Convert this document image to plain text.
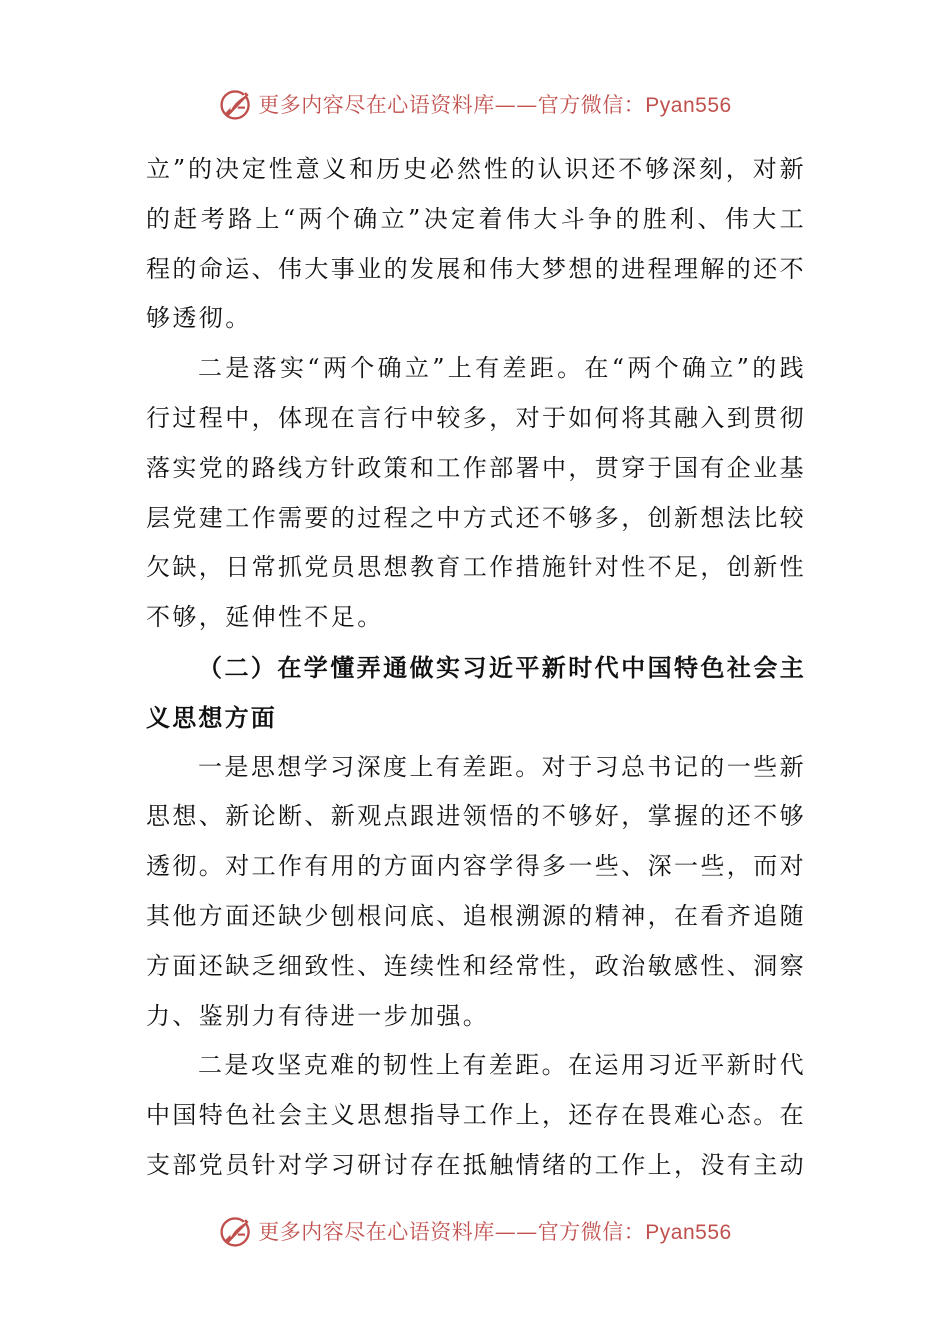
更多内容尽在心语资料库——官方微信：Pyan556

立”的决定性意义和历史必然性的认识还不够深刻，对新的赶考路上“两个确立”决定着伟大斗争的胜利、伟大工程的命运、伟大事业的发展和伟大梦想的进程理解的还不够透彻。

二是落实“两个确立”上有差距。在“两个确立”的践行过程中，体现在言行中较多，对于如何将其融入到贯彻落实党的路线方针政策和工作部署中，贯穿于国有企业基层党建工作需要的过程之中方式还不够多，创新想法比较欠缺，日常抓党员思想教育工作措施针对性不足，创新性不够，延伸性不足。

（二）在学懂弄通做实习近平新时代中国特色社会主义思想方面

一是思想学习深度上有差距。对于习总书记的一些新思想、新论断、新观点跟进领悟的不够好，掌握的还不够透彻。对工作有用的方面内容学得多一些、深一些，而对其他方面还缺少刨根问底、追根溯源的精神，在看齐追随方面还缺乏细致性、连续性和经常性，政治敏感性、洞察力、鉴别力有待进一步加强。

二是攻坚克难的韧性上有差距。在运用习近平新时代中国特色社会主义思想指导工作上，还存在畏难心态。在支部党员针对学习研讨存在抵触情绪的工作上，没有主动

更多内容尽在心语资料库——官方微信：Pyan556
